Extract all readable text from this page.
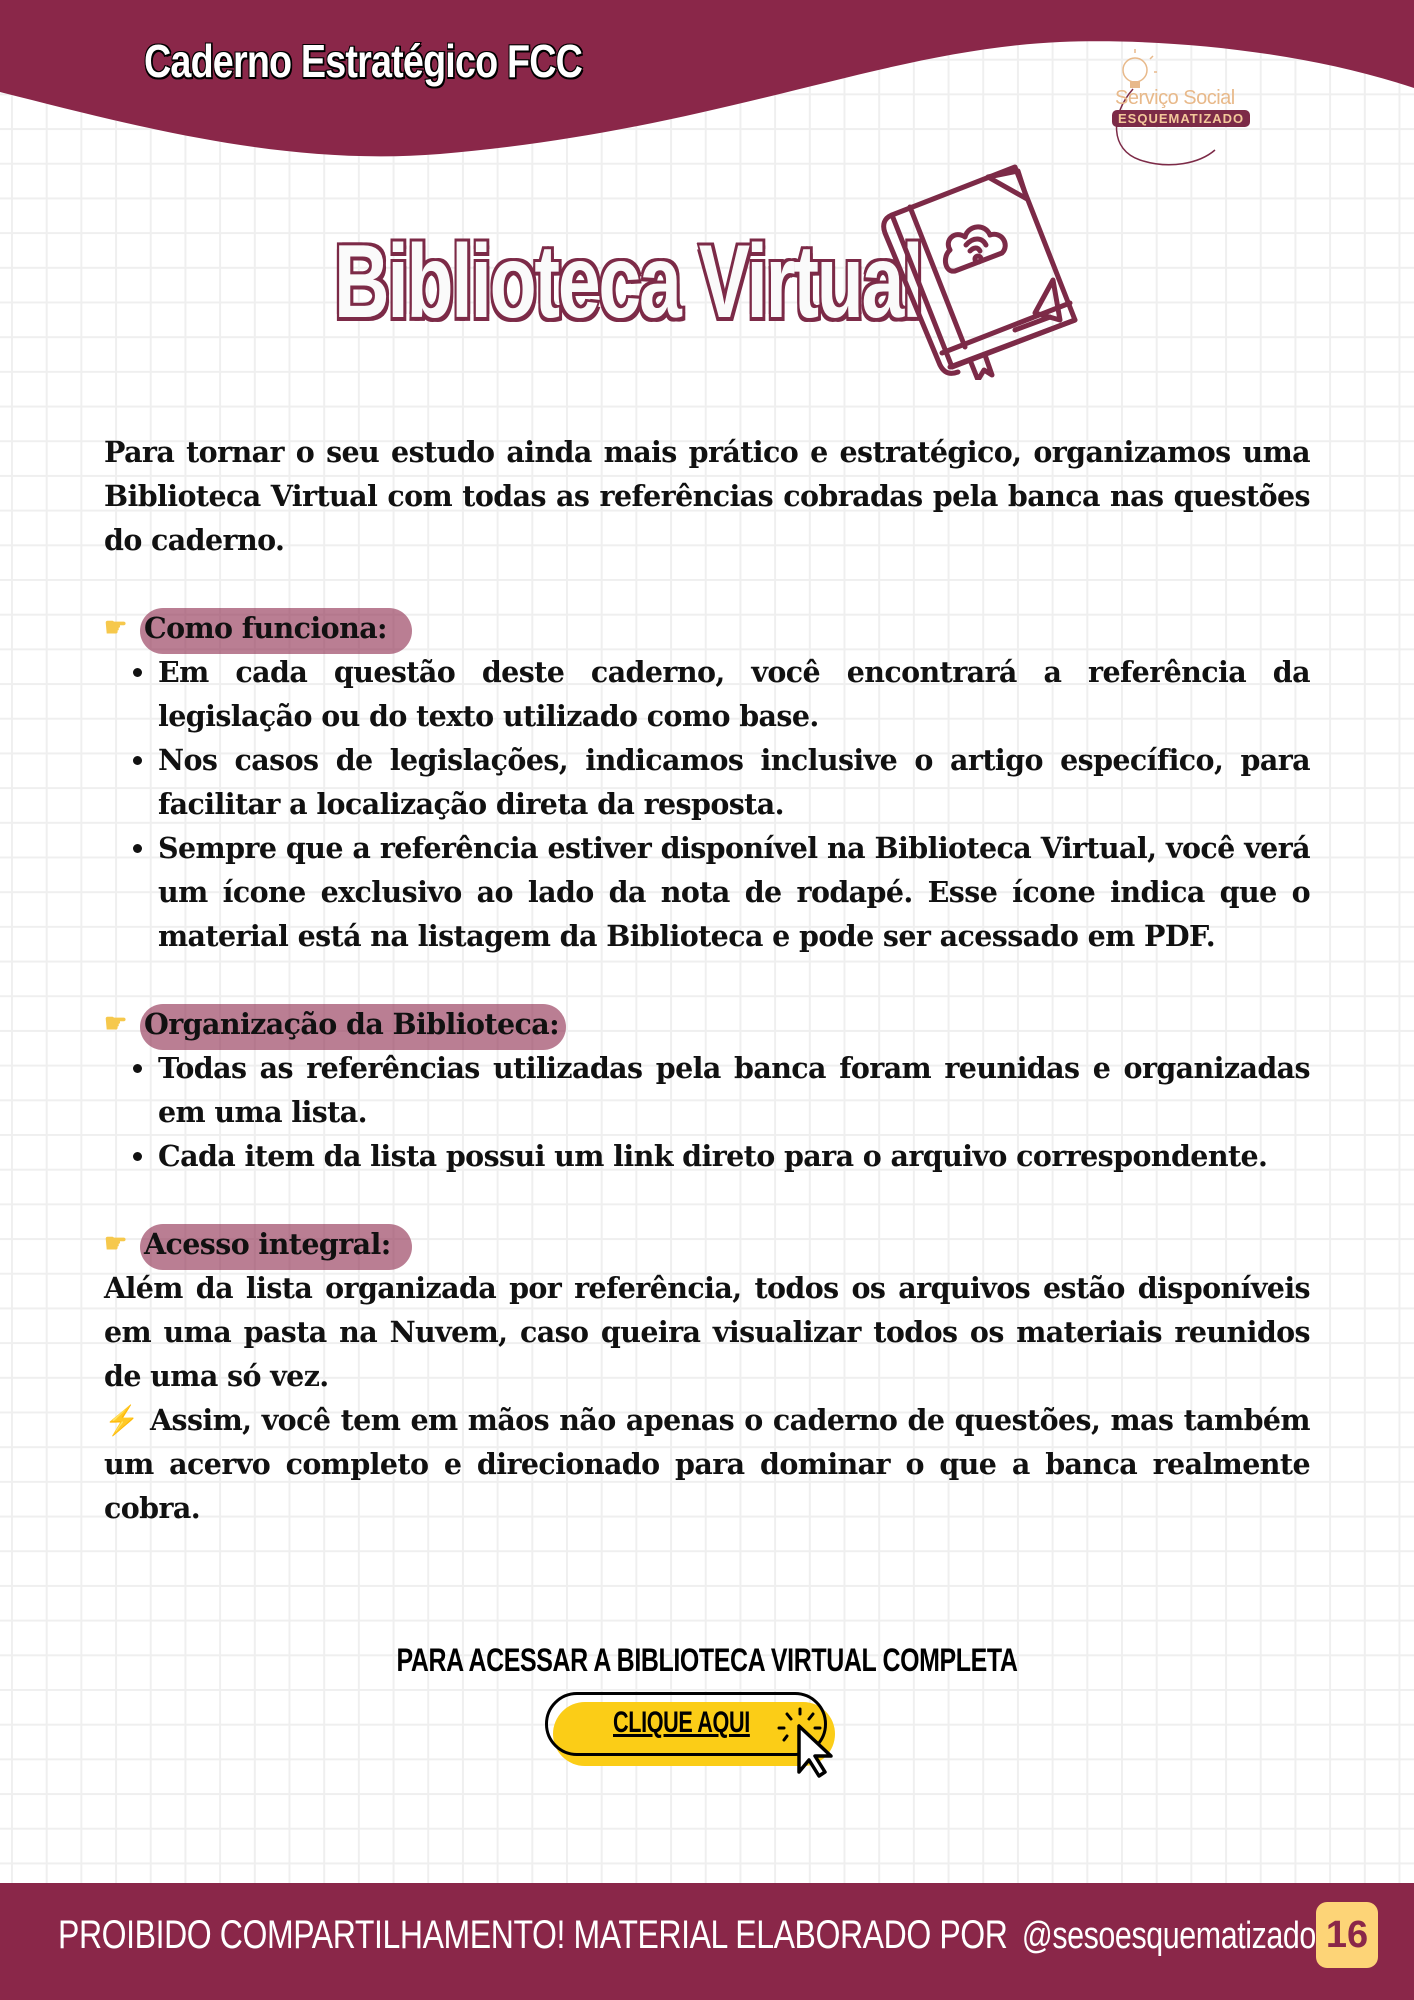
Caderno Estratégico FCC
Serviço Social
ESQUEMATIZADO
Biblioteca Virtual

Para tornar o seu estudo ainda mais prático e estratégico, organizamos uma Biblioteca Virtual com todas as referências cobradas pela banca nas questões do caderno.

☛ Como funciona:
• Em cada questão deste caderno, você encontrará a referência da legislação ou do texto utilizado como base.
• Nos casos de legislações, indicamos inclusive o artigo específico, para facilitar a localização direta da resposta.
• Sempre que a referência estiver disponível na Biblioteca Virtual, você verá um ícone exclusivo ao lado da nota de rodapé. Esse ícone indica que o material está na listagem da Biblioteca e pode ser acessado em PDF.
☛ Organização da Biblioteca:
• Todas as referências utilizadas pela banca foram reunidas e organizadas em uma lista.
• Cada item da lista possui um link direto para o arquivo correspondente.
☛ Acesso integral:

Além da lista organizada por referência, todos os arquivos estão disponíveis em uma pasta na Nuvem, caso queira visualizar todos os materiais reunidos de uma só vez.

⚡ Assim, você tem em mãos não apenas o caderno de questões, mas também um acervo completo e direcionado para dominar o que a banca realmente cobra.

PARA ACESSAR A BIBLIOTECA VIRTUAL COMPLETA
CLIQUE AQUI
PROIBIDO COMPARTILHAMENTO! MATERIAL ELABORADO POR @sesoesquematizado 16
